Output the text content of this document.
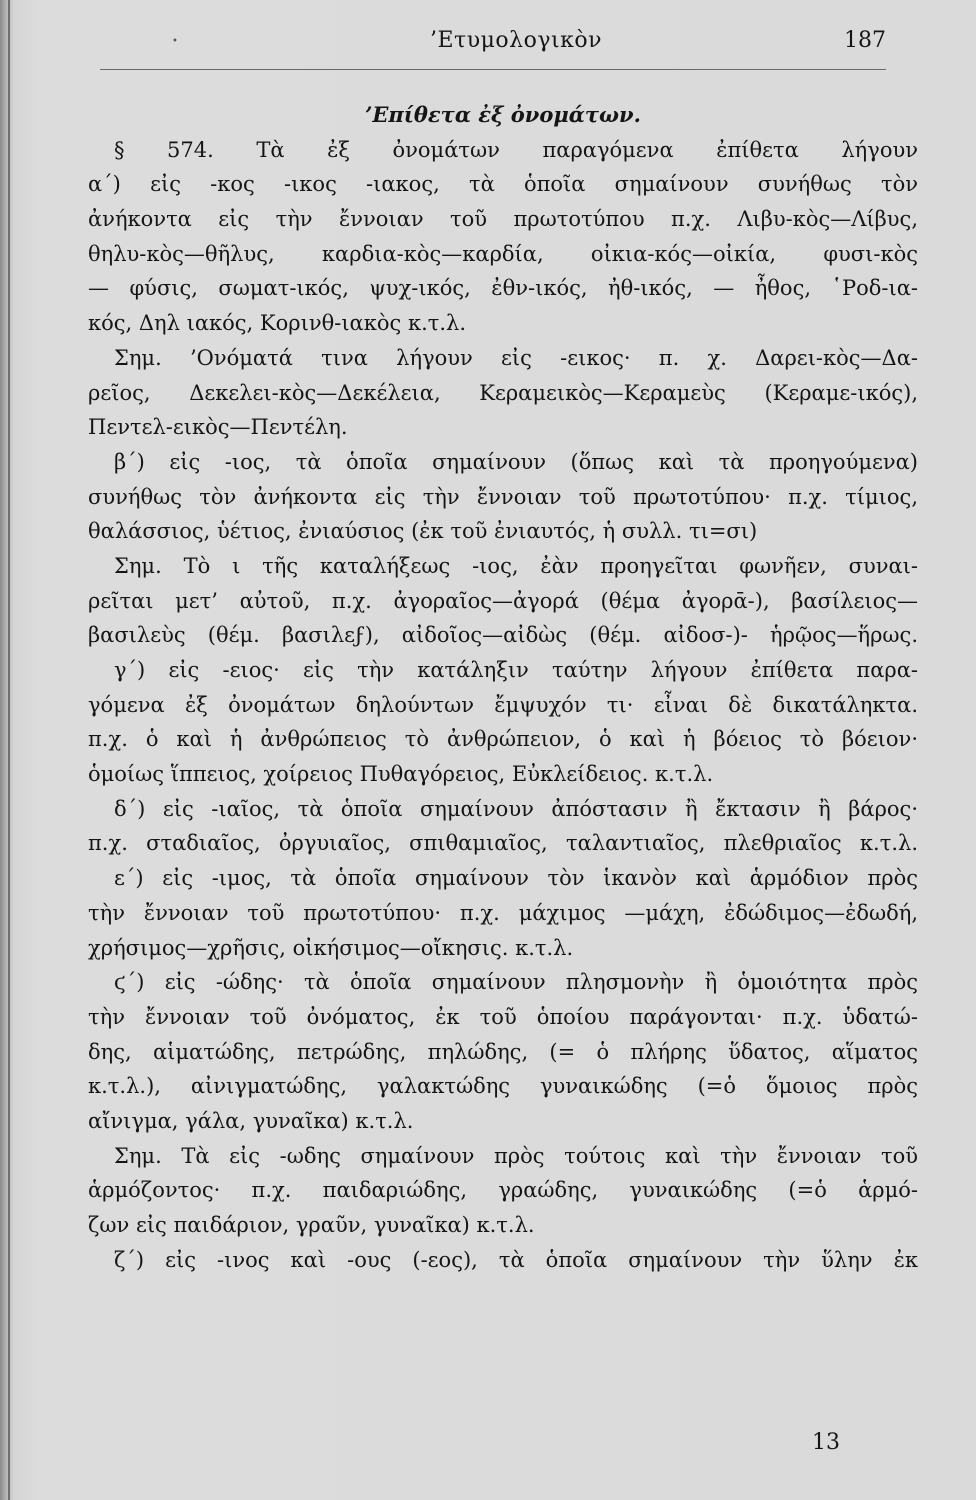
•	’Ετυμολογικὸν	187
’Επίθετα ἐξ ὀνομάτων.
§ 574. Τὰ ἐξ ὀνομάτων παραγόμενα ἐπίθετα λήγουν
α΄) εἰς -κος -ικος -ιακος, τὰ ὁποῖα σημαίνουν συνήθως τὸν
ἀνήκοντα εἰς τὴν ἔννοιαν τοῦ πρωτοτύπου π.χ. Λιβυ-κὸς—Λίβυς,
θηλυ-κὸς—θῆλυς, καρδια-κὸς—καρδία, οἰκια-κός—οἰκία, φυσι-κὸς
— φύσις, σωματ-ικός, ψυχ-ικός, ἐθν-ικός, ἠθ-ικός, — ἦθος, ῾Ροδ-ια-
κός, Δηλ ιακός, Κορινθ-ιακὸς κ.τ.λ.
Σημ. ’Ονόματά τινα λήγουν εἰς -εικος· π. χ. Δαρει-κὸς—Δα-
ρεῖος, Δεκελει-κὸς—Δεκέλεια, Κεραμεικὸς—Κεραμεὺς (Κεραμε-ικός),
Πεντελ-εικὸς—Πεντέλη.
β΄) εἰς -ιος, τὰ ὁποῖα σημαίνουν (ὅπως καὶ τὰ προηγούμενα)
συνήθως τὸν ἀνήκοντα εἰς τὴν ἔννοιαν τοῦ πρωτοτύπου· π.χ. τίμιος,
θαλάσσιος, ὑέτιος, ἐνιαύσιος (ἐκ τοῦ ἐνιαυτός, ἡ συλλ. τι=σι)
Σημ. Τὸ ι τῆς καταλήξεως -ιος, ἐὰν προηγεῖται φωνῆεν, συναι-
ρεῖται μετ’ αὐτοῦ, π.χ. ἀγοραῖος—ἀγορά (θέμα ἀγορᾱ-), βασίλειος—
βασιλεὺς (θέμ. βασιλεϝ), αἰδοῖος—αἰδὼς (θέμ. αἰδοσ-)- ἡρῷος—ἥρως.
γ΄) εἰς -ειος· εἰς τὴν κατάληξιν ταύτην λήγουν ἐπίθετα παρα-
γόμενα ἐξ ὀνομάτων δηλούντων ἔμψυχόν τι· εἶναι δὲ δικατάληκτα.
π.χ. ὁ καὶ ἡ ἀνθρώπειος τὸ ἀνθρώπειον, ὁ καὶ ἡ βόειος τὸ βόειον·
ὁμοίως ἵππειος, χοίρειος Πυθαγόρειος, Εὐκλείδειος. κ.τ.λ.
δ΄) εἰς -ιαῖος, τὰ ὁποῖα σημαίνουν ἀπόστασιν ἢ ἔκτασιν ἢ βάρος·
π.χ. σταδιαῖος, ὀργυιαῖος, σπιθαμιαῖος, ταλαντιαῖος, πλεθριαῖος κ.τ.λ.
ε΄) εἰς -ιμος, τὰ ὁποῖα σημαίνουν τὸν ἱκανὸν καὶ ἁρμόδιον πρὸς
τὴν ἔννοιαν τοῦ πρωτοτύπου· π.χ. μάχιμος —μάχη, ἐδώδιμος—ἐδωδή,
χρήσιμος—χρῆσις, οἰκήσιμος—οἴκησις. κ.τ.λ.
ϛ΄) εἰς -ώδης· τὰ ὁποῖα σημαίνουν πλησμονὴν ἢ ὁμοιότητα πρὸς
τὴν ἔννοιαν τοῦ ὀνόματος, ἐκ τοῦ ὁποίου παράγονται· π.χ. ὑδατώ-
δης, αἱματώδης, πετρώδης, πηλώδης, (= ὁ πλήρης ὕδατος, αἵματος
κ.τ.λ.), αἰνιγματώδης, γαλακτώδης γυναικώδης (=ὁ ὅμοιος πρὸς
αἴνιγμα, γάλα, γυναῖκα) κ.τ.λ.
Σημ. Τὰ εἰς -ωδης σημαίνουν πρὸς τούτοις καὶ τὴν ἔννοιαν τοῦ
ἁρμόζοντος· π.χ. παιδαριώδης, γραώδης, γυναικώδης (=ὁ ἁρμό-
ζων εἰς παιδάριον, γραῦν, γυναῖκα) κ.τ.λ.
ζ΄) εἰς -ινος καὶ -ους (-εος), τὰ ὁποῖα σημαίνουν τὴν ὕλην ἐκ
13
